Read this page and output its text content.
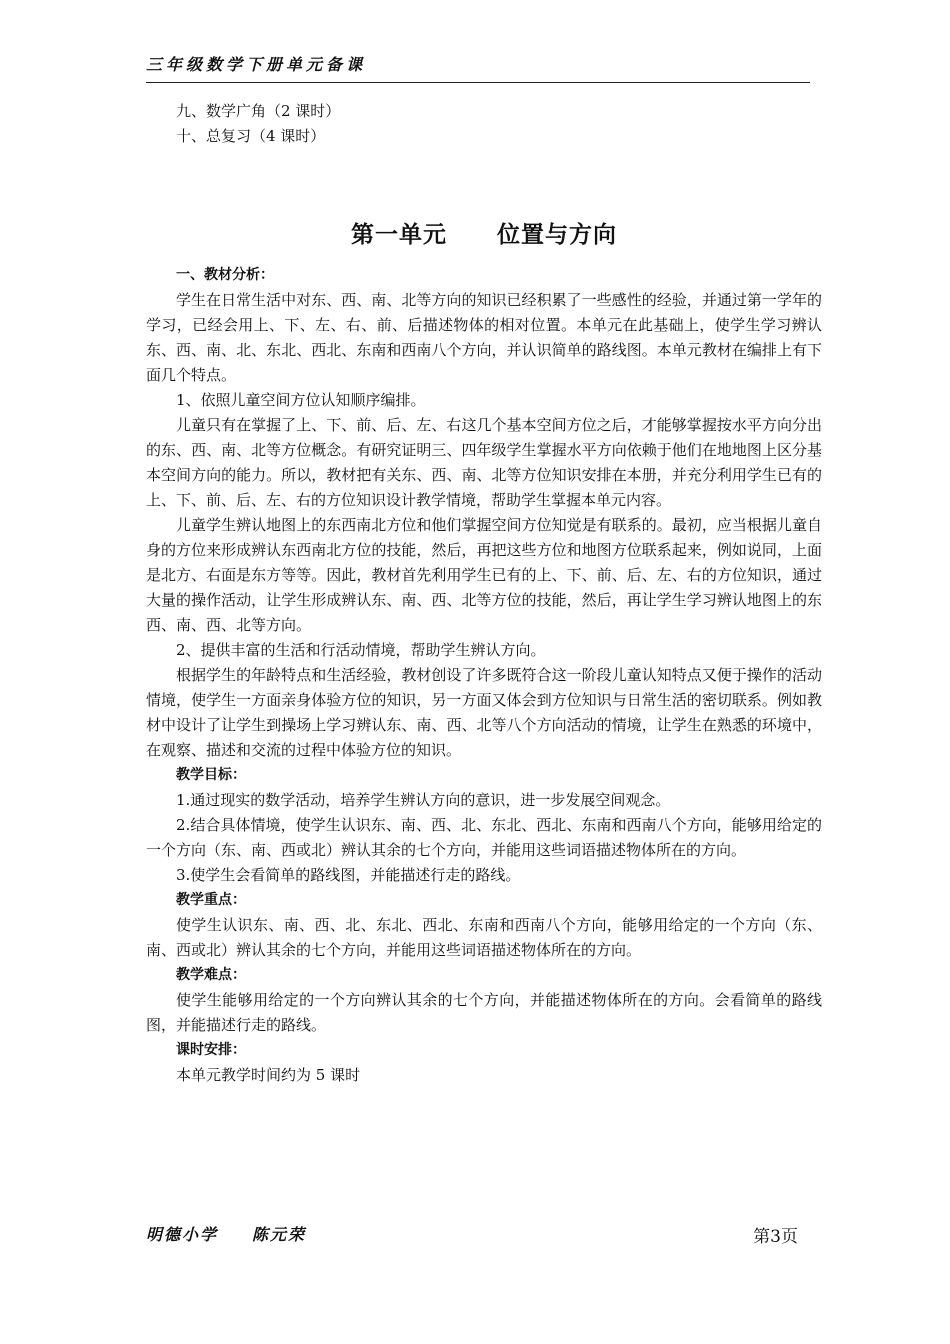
三年级数学下册单元备课

九、数学广角（2 课时）

十、总复习（4 课时）

第一单元 位置与方向

一、教材分析：

学生在日常生活中对东、西、南、北等方向的知识已经积累了一些感性的经验，并通过第一学年的学习，已经会用上、下、左、右、前、后描述物体的相对位置。本单元在此基础上，使学生学习辨认东、西、南、北、东北、西北、东南和西南八个方向，并认识简单的路线图。本单元教材在编排上有下面几个特点。

1、依照儿童空间方位认知顺序编排。

儿童只有在掌握了上、下、前、后、左、右这几个基本空间方位之后，才能够掌握按水平方向分出的东、西、南、北等方位概念。有研究证明三、四年级学生掌握水平方向依赖于他们在地地图上区分基本空间方向的能力。所以，教材把有关东、西、南、北等方位知识安排在本册，并充分利用学生已有的上、下、前、后、左、右的方位知识设计教学情境，帮助学生掌握本单元内容。

儿童学生辨认地图上的东西南北方位和他们掌握空间方位知觉是有联系的。最初，应当根据儿童自身的方位来形成辨认东西南北方位的技能，然后，再把这些方位和地图方位联系起来，例如说同，上面是北方、右面是东方等等。因此，教材首先利用学生已有的上、下、前、后、左、右的方位知识，通过大量的操作活动，让学生形成辨认东、南、西、北等方位的技能，然后，再让学生学习辨认地图上的东西、南、西、北等方向。

2、提供丰富的生活和行活动情境，帮助学生辨认方向。

根据学生的年龄特点和生活经验，教材创设了许多既符合这一阶段儿童认知特点又便于操作的活动情境，使学生一方面亲身体验方位的知识，另一方面又体会到方位知识与日常生活的密切联系。例如教材中设计了让学生到操场上学习辨认东、南、西、北等八个方向活动的情境，让学生在熟悉的环境中，在观察、描述和交流的过程中体验方位的知识。

教学目标：

1.通过现实的数学活动，培养学生辨认方向的意识，进一步发展空间观念。

2.结合具体情境，使学生认识东、南、西、北、东北、西北、东南和西南八个方向，能够用给定的一个方向（东、南、西或北）辨认其余的七个方向，并能用这些词语描述物体所在的方向。

3.使学生会看简单的路线图，并能描述行走的路线。

教学重点：

使学生认识东、南、西、北、东北、西北、东南和西南八个方向，能够用给定的一个方向（东、南、西或北）辨认其余的七个方向，并能用这些词语描述物体所在的方向。

教学难点：

使学生能够用给定的一个方向辨认其余的七个方向，并能描述物体所在的方向。会看简单的路线图，并能描述行走的路线。

课时安排：

本单元教学时间约为 5 课时

明德小学 陈元荣	第3页
